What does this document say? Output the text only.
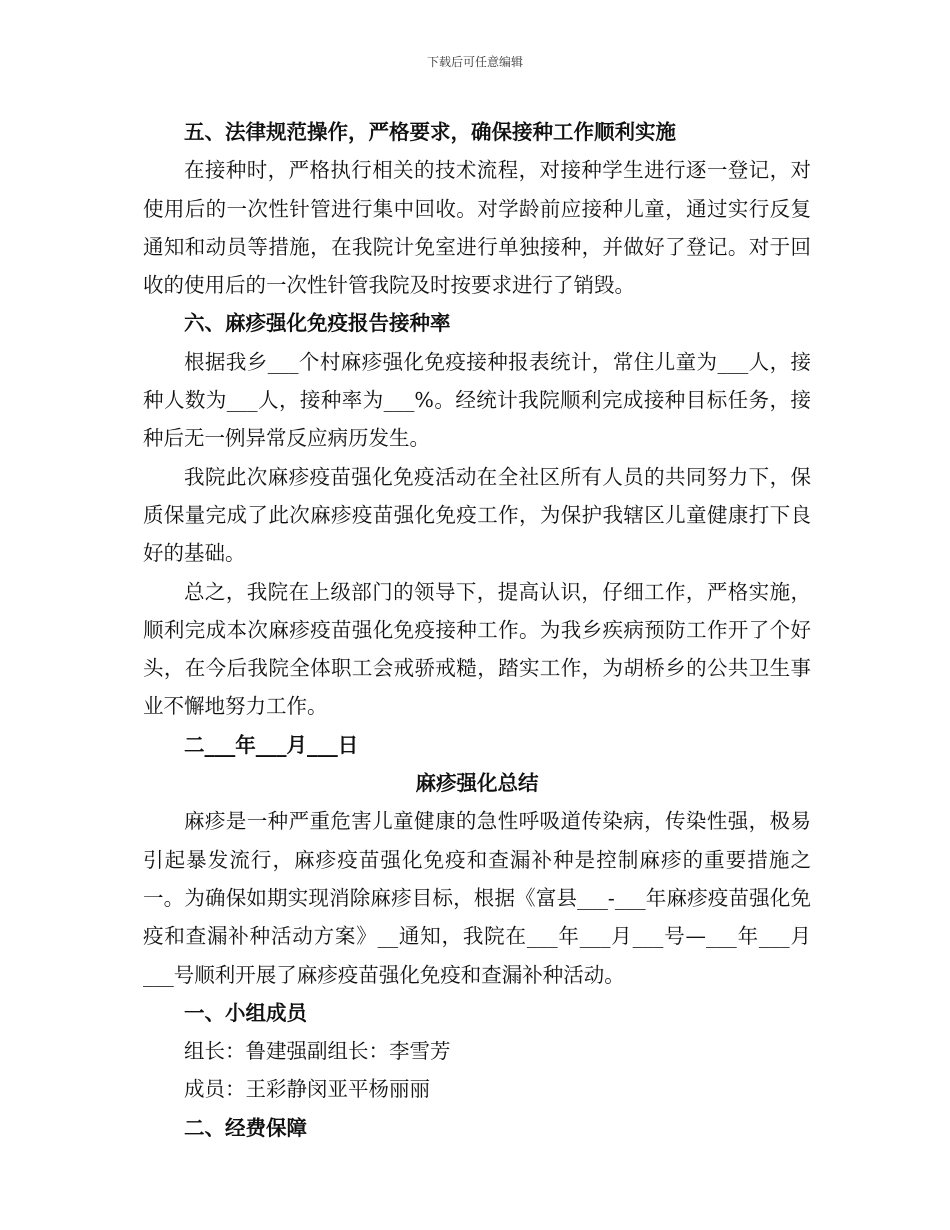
下载后可任意编辑

五、法律规范操作，严格要求，确保接种工作顺利实施

在接种时，严格执行相关的技术流程，对接种学生进行逐一登记，对使用后的一次性针管进行集中回收。对学龄前应接种儿童，通过实行反复通知和动员等措施，在我院计免室进行单独接种，并做好了登记。对于回收的使用后的一次性针管我院及时按要求进行了销毁。

六、麻疹强化免疫报告接种率

根据我乡___个村麻疹强化免疫接种报表统计，常住儿童为___人，接种人数为___人，接种率为___%。经统计我院顺利完成接种目标任务，接种后无一例异常反应病历发生。

我院此次麻疹疫苗强化免疫活动在全社区所有人员的共同努力下，保质保量完成了此次麻疹疫苗强化免疫工作，为保护我辖区儿童健康打下良好的基础。

总之，我院在上级部门的领导下，提高认识，仔细工作，严格实施，顺利完成本次麻疹疫苗强化免疫接种工作。为我乡疾病预防工作开了个好头，在今后我院全体职工会戒骄戒糙，踏实工作，为胡桥乡的公共卫生事业不懈地努力工作。

二___年___月___日

麻疹强化总结

麻疹是一种严重危害儿童健康的急性呼吸道传染病，传染性强，极易引起暴发流行，麻疹疫苗强化免疫和查漏补种是控制麻疹的重要措施之一。为确保如期实现消除麻疹目标，根据《富县___-___年麻疹疫苗强化免疫和查漏补种活动方案》__通知，我院在___年___月___号—___年___月___号顺利开展了麻疹疫苗强化免疫和查漏补种活动。

一、小组成员

组长：鲁建强副组长：李雪芳

成员：王彩静闵亚平杨丽丽

二、经费保障
